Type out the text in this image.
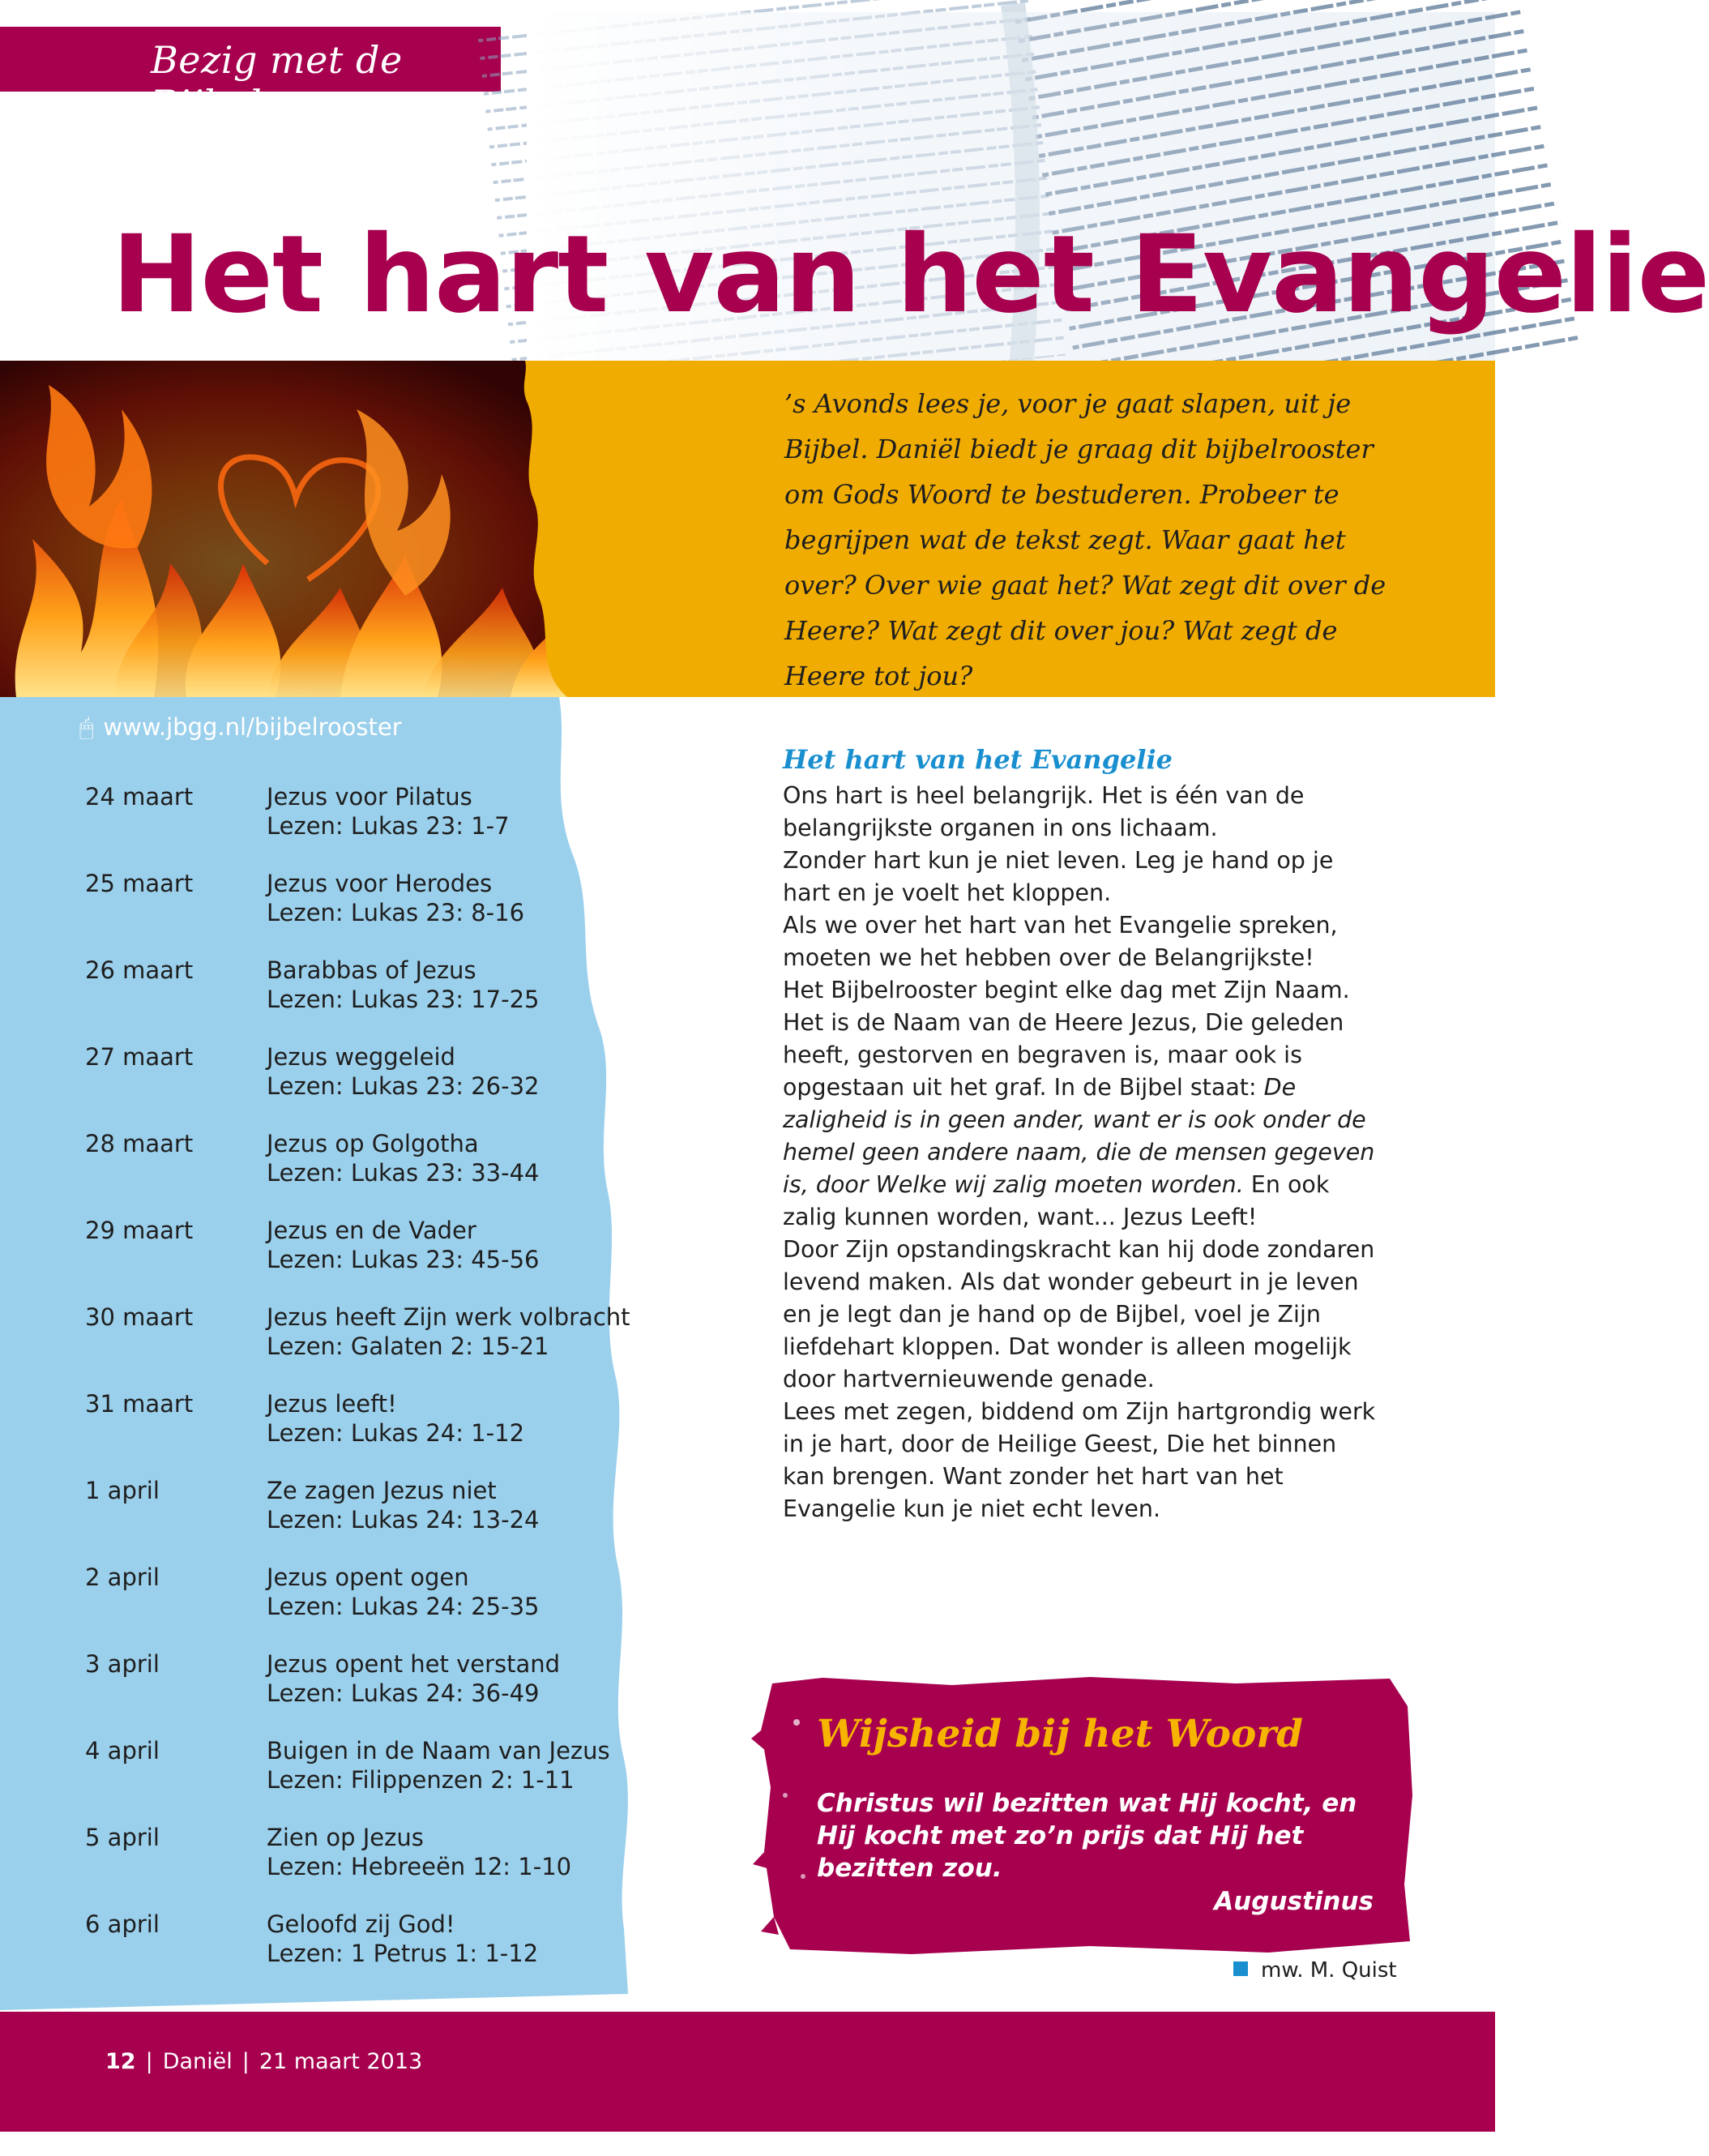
Bezig met de Bijbel
Het hart van het Evangelie

’s Avonds lees je, voor je gaat slapen, uit je Bijbel. Daniël biedt je graag dit bijbelrooster om Gods Woord te bestuderen. Probeer te begrijpen wat de tekst zegt. Waar gaat het over? Over wie gaat het? Wat zegt dit over de Heere? Wat zegt dit over jou? Wat zegt de Heere tot jou?

🖱 www.jbgg.nl/bijbelrooster
24 maart	Jezus voor Pilatus
Lezen: Lukas 23: 1-7
25 maart	Jezus voor Herodes
Lezen: Lukas 23: 8-16
26 maart	Barabbas of Jezus
Lezen: Lukas 23: 17-25
27 maart	Jezus weggeleid
Lezen: Lukas 23: 26-32
28 maart	Jezus op Golgotha
Lezen: Lukas 23: 33-44
29 maart	Jezus en de Vader
Lezen: Lukas 23: 45-56
30 maart	Jezus heeft Zijn werk volbracht
Lezen: Galaten 2: 15-21
31 maart	Jezus leeft!
Lezen: Lukas 24: 1-12
1 april	Ze zagen Jezus niet
Lezen: Lukas 24: 13-24
2 april	Jezus opent ogen
Lezen: Lukas 24: 25-35
3 april	Jezus opent het verstand
Lezen: Lukas 24: 36-49
4 april	Buigen in de Naam van Jezus
Lezen: Filippenzen 2: 1-11
5 april	Zien op Jezus
Lezen: Hebreeën 12: 1-10
6 april	Geloofd zij God!
Lezen: 1 Petrus 1: 1-12
Het hart van het Evangelie
Ons hart is heel belangrijk. Het is één van de belangrijkste organen in ons lichaam.
Zonder hart kun je niet leven. Leg je hand op je hart en je voelt het kloppen.
Als we over het hart van het Evangelie spreken, moeten we het hebben over de Belangrijkste!
Het Bijbelrooster begint elke dag met Zijn Naam. Het is de Naam van de Heere Jezus, Die geleden heeft, gestorven en begraven is, maar ook is opgestaan uit het graf. In de Bijbel staat: De zaligheid is in geen ander, want er is ook onder de hemel geen andere naam, die de mensen gegeven is, door Welke wij zalig moeten worden. En ook zalig kunnen worden, want... Jezus Leeft!
Door Zijn opstandingskracht kan hij dode zondaren levend maken. Als dat wonder gebeurt in je leven en je legt dan je hand op de Bijbel, voel je Zijn liefdehart kloppen. Dat wonder is alleen mogelijk door hartvernieuwende genade.
Lees met zegen, biddend om Zijn hartgrondig werk in je hart, door de Heilige Geest, Die het binnen kan brengen. Want zonder het hart van het Evangelie kun je niet echt leven.
Wijsheid bij het Woord

Christus wil bezitten wat Hij kocht, en Hij kocht met zo’n prijs dat Hij het bezitten zou.

Augustinus
mw. M. Quist
12 | Daniël | 21 maart 2013
